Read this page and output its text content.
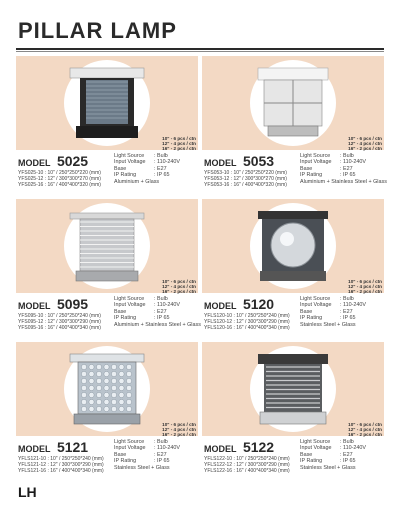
PILLAR LAMP
10" - 6 pcs / ctn
12" - 4 pcs / ctn
16" - 2 pcs / ctn
MODEL 5025
YFS025-10 : 10" / 250*250*220 (mm)
YFS025-12 : 12" / 300*300*270 (mm)
YFS025-16 : 16" / 400*400*320 (mm)
Light Source	: Bulb
Input Voltage	: 110-240V
Base	: E27
IP Rating	: IP 65
Aluminium + Glass
10" - 6 pcs / ctn
12" - 4 pcs / ctn
16" - 2 pcs / ctn
MODEL 5053
YFS053-10 : 10" / 250*250*220 (mm)
YFS053-12 : 12" / 300*300*270 (mm)
YFS053-16 : 16" / 400*400*320 (mm)
Light Source	: Bulb
Input Voltage	: 110-240V
Base	: E27
IP Rating	: IP 65
Aluminium + Stainless Steel + Glass
10" - 6 pcs / ctn
12" - 4 pcs / ctn
16" - 2 pcs / ctn
MODEL 5095
YFS095-10 : 10" / 250*250*240 (mm)
YFS095-12 : 12" / 300*300*290 (mm)
YFS095-16 : 16" / 400*400*340 (mm)
Light Source	: Bulb
Input Voltage	: 110-240V
Base	: E27
IP Rating	: IP 65
Aluminium + Stainless Steel + Glass
10" - 6 pcs / ctn
12" - 4 pcs / ctn
16" - 2 pcs / ctn
MODEL 5120
YFLS120-10 : 10" / 250*250*240 (mm)
YFLS120-12 : 12" / 300*300*290 (mm)
YFLS120-16 : 16" / 400*400*340 (mm)
Light Source	: Bulb
Input Voltage	: 110-240V
Base	: E27
IP Rating	: IP 65
Stainless Steel + Glass
10" - 6 pcs / ctn
12" - 4 pcs / ctn
16" - 2 pcs / ctn
MODEL 5121
YFLS121-10 : 10" / 250*250*240 (mm)
YFLS121-12 : 12" / 300*300*290 (mm)
YFLS121-16 : 16" / 400*400*340 (mm)
Light Source	: Bulb
Input Voltage	: 110-240V
Base	: E27
IP Rating	: IP 65
Stainless Steel + Glass
10" - 6 pcs / ctn
12" - 4 pcs / ctn
16" - 2 pcs / ctn
MODEL 5122
YFLS122-10 : 10" / 250*250*240 (mm)
YFLS122-12 : 12" / 300*300*290 (mm)
YFLS122-16 : 16" / 400*400*340 (mm)
Light Source	: Bulb
Input Voltage	: 110-240V
Base	: E27
IP Rating	: IP 65
Stainless Steel + Glass
LH
